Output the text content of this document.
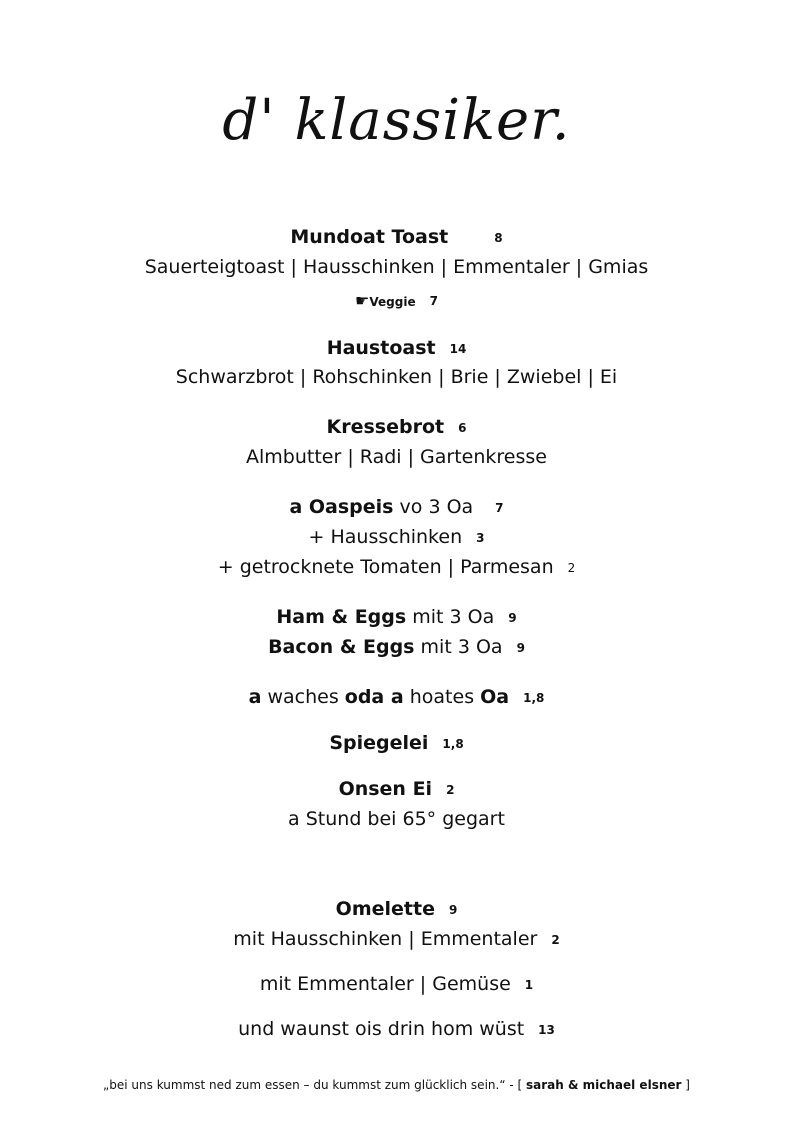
d' klassiker.
Mundoat Toast	8
Sauerteigtoast | Hausschinken | Emmentaler | Gmias
☛Veggie 7
Haustoast 14
Schwarzbrot | Rohschinken | Brie | Zwiebel | Ei
Kressebrot 6
Almbutter | Radi | Gartenkresse
a Oaspeis vo 3 Oa 7
+ Hausschinken 3
+ getrocknete Tomaten | Parmesan 2
Ham & Eggs mit 3 Oa 9
Bacon & Eggs mit 3 Oa 9
a waches oda a hoates Oa 1,8
Spiegelei 1,8
Onsen Ei 2
a Stund bei 65° gegart
Omelette 9
mit Hausschinken | Emmentaler 2
mit Emmentaler | Gemüse 1
und waunst ois drin hom wüst 13
„bei uns kummst ned zum essen – du kummst zum glücklich sein.“ - [ sarah & michael elsner ]
